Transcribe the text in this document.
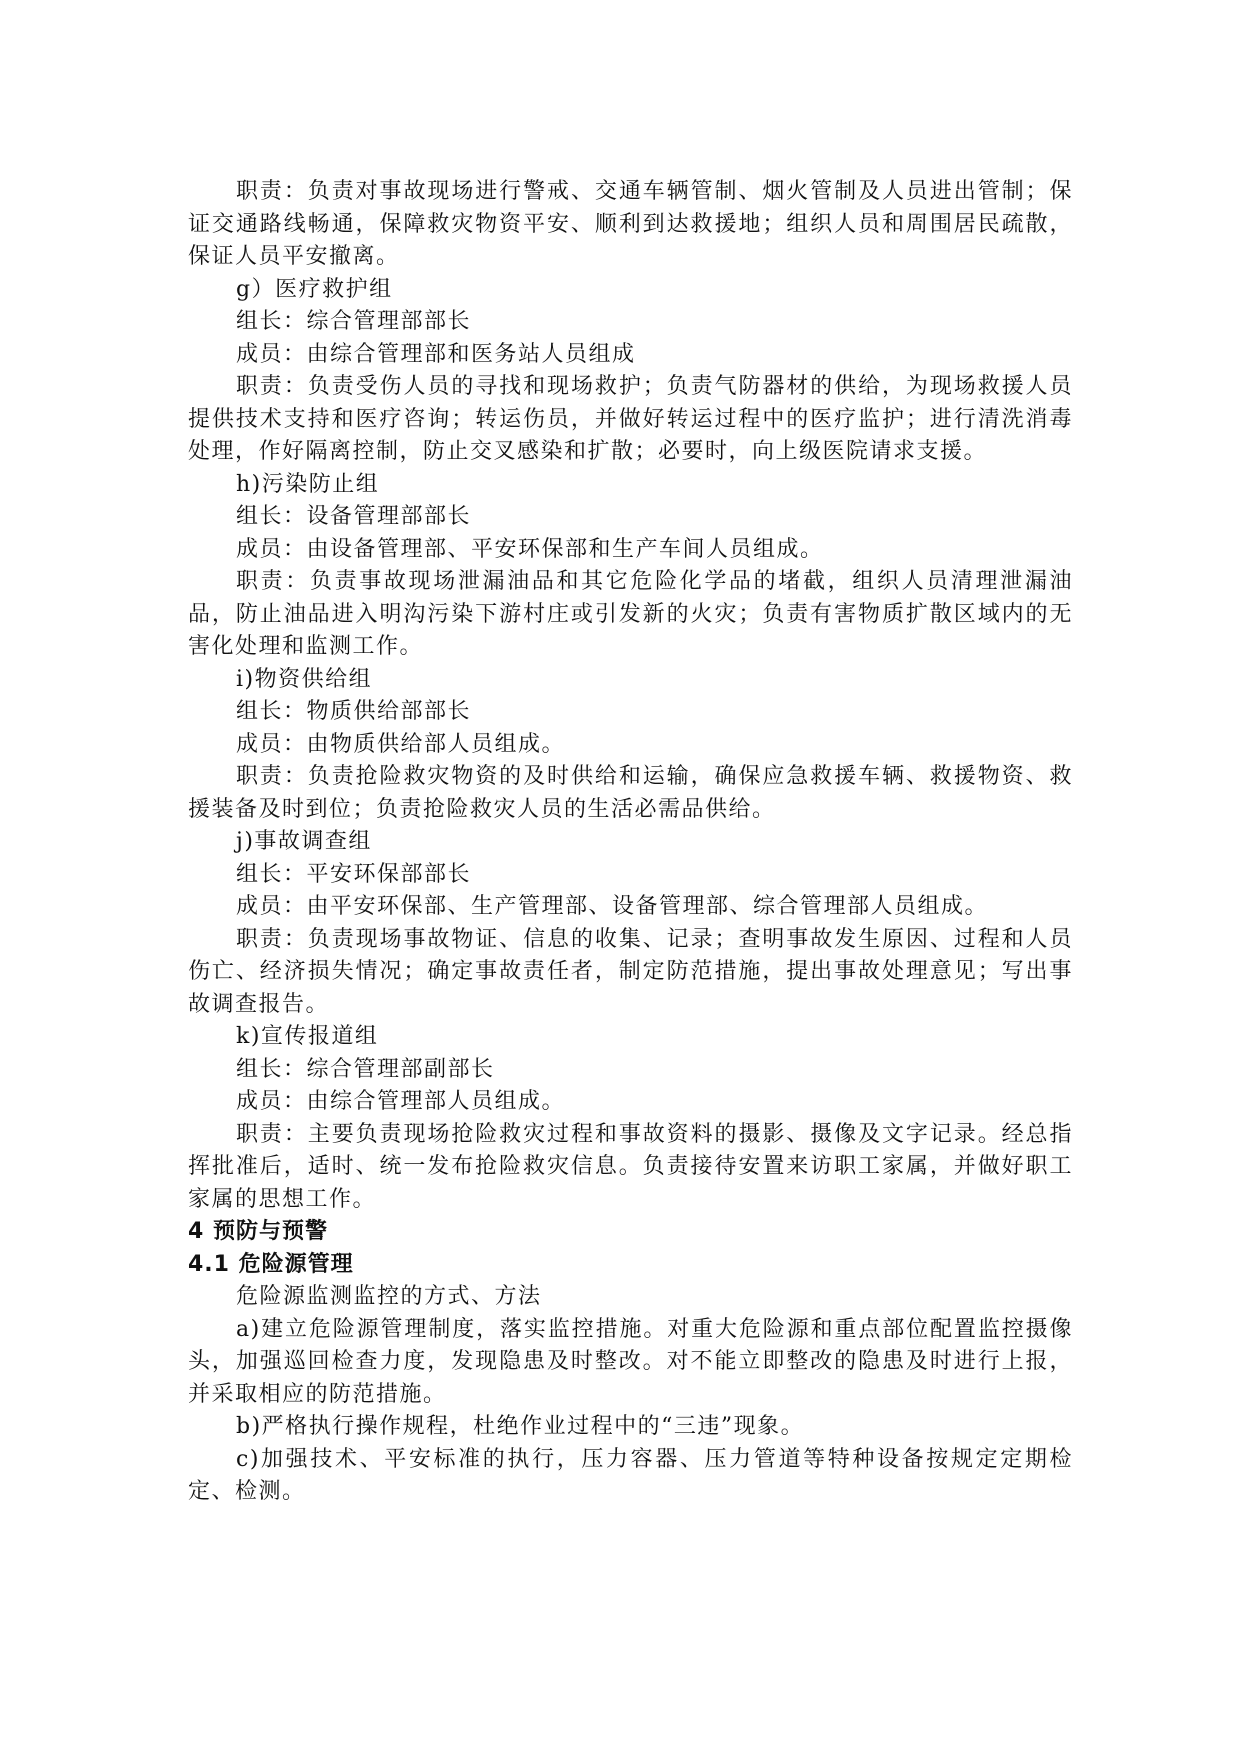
职责：负责对事故现场进行警戒、交通车辆管制、烟火管制及人员进出管制；保证交通路线畅通，保障救灾物资平安、顺利到达救援地；组织人员和周围居民疏散，保证人员平安撤离。

g）医疗救护组

组长：综合管理部部长

成员：由综合管理部和医务站人员组成

职责：负责受伤人员的寻找和现场救护；负责气防器材的供给，为现场救援人员提供技术支持和医疗咨询；转运伤员，并做好转运过程中的医疗监护；进行清洗消毒处理，作好隔离控制，防止交叉感染和扩散；必要时，向上级医院请求支援。

h)污染防止组

组长：设备管理部部长

成员：由设备管理部、平安环保部和生产车间人员组成。

职责：负责事故现场泄漏油品和其它危险化学品的堵截，组织人员清理泄漏油品，防止油品进入明沟污染下游村庄或引发新的火灾；负责有害物质扩散区域内的无害化处理和监测工作。

i)物资供给组

组长：物质供给部部长

成员：由物质供给部人员组成。

职责：负责抢险救灾物资的及时供给和运输，确保应急救援车辆、救援物资、救援装备及时到位；负责抢险救灾人员的生活必需品供给。

j)事故调查组

组长：平安环保部部长

成员：由平安环保部、生产管理部、设备管理部、综合管理部人员组成。

职责：负责现场事故物证、信息的收集、记录；查明事故发生原因、过程和人员伤亡、经济损失情况；确定事故责任者，制定防范措施，提出事故处理意见；写出事故调查报告。

k)宣传报道组

组长：综合管理部副部长

成员：由综合管理部人员组成。

职责：主要负责现场抢险救灾过程和事故资料的摄影、摄像及文字记录。经总指挥批准后，适时、统一发布抢险救灾信息。负责接待安置来访职工家属，并做好职工家属的思想工作。

4 预防与预警

4.1 危险源管理

危险源监测监控的方式、方法

a)建立危险源管理制度，落实监控措施。对重大危险源和重点部位配置监控摄像头，加强巡回检查力度，发现隐患及时整改。对不能立即整改的隐患及时进行上报，并采取相应的防范措施。

b)严格执行操作规程，杜绝作业过程中的“三违”现象。

c)加强技术、平安标准的执行，压力容器、压力管道等特种设备按规定定期检定、检测。
